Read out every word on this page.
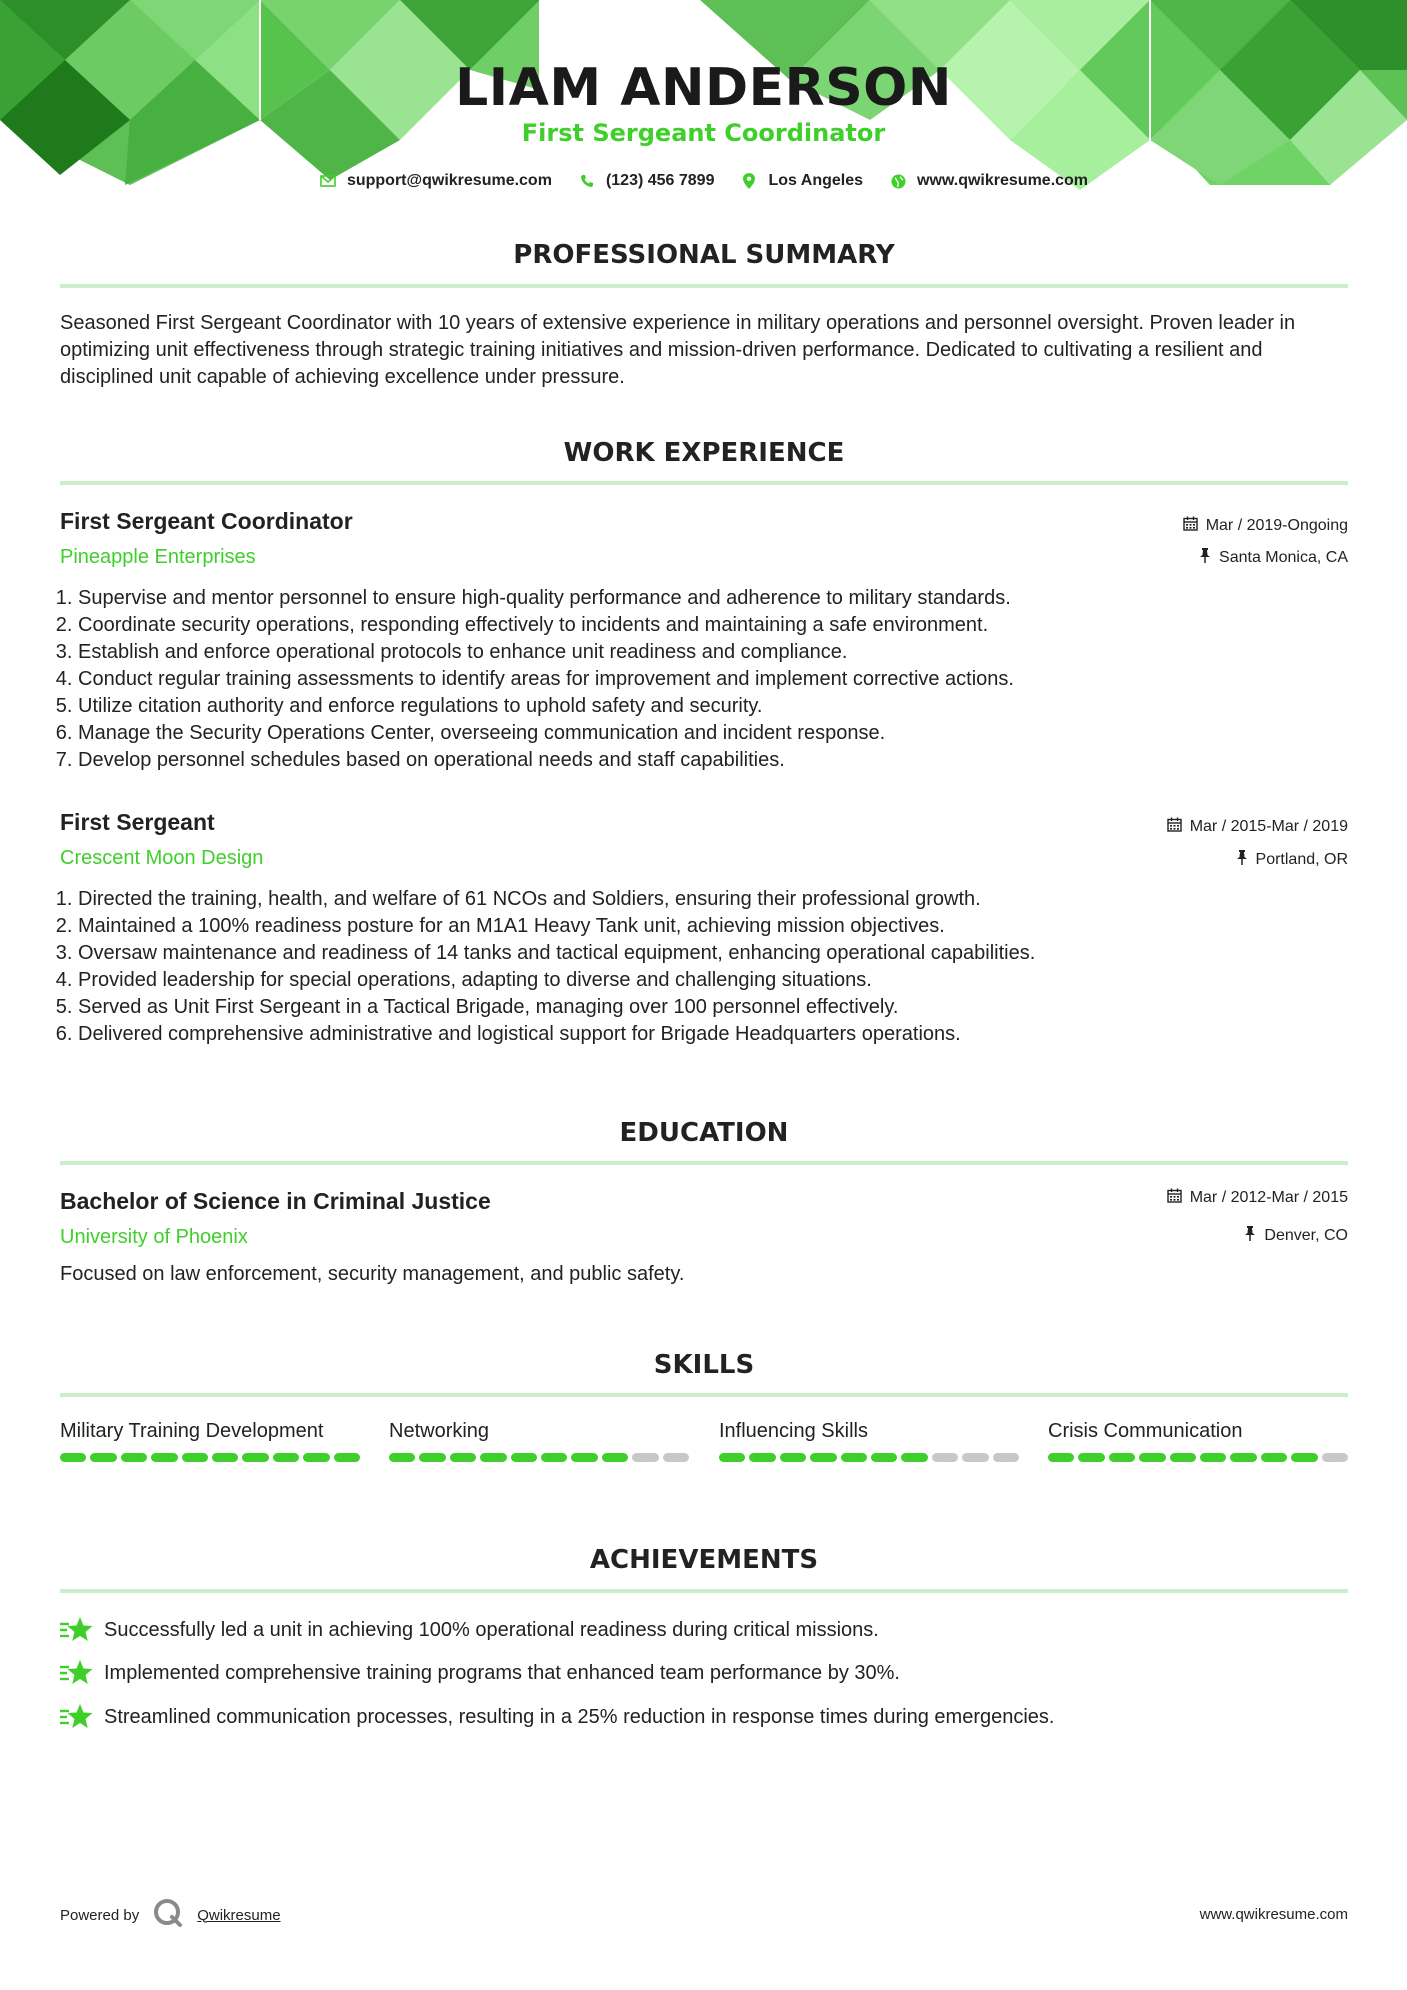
LIAM ANDERSON
First Sergeant Coordinator
support@qwikresume.com	(123) 456 7899	Los Angeles	www.qwikresume.com
PROFESSIONAL SUMMARY
Seasoned First Sergeant Coordinator with 10 years of extensive experience in military operations and personnel oversight. Proven leader in optimizing unit effectiveness through strategic training initiatives and mission-driven performance. Dedicated to cultivating a resilient and disciplined unit capable of achieving excellence under pressure.
WORK EXPERIENCE
First Sergeant Coordinator
Pineapple Enterprises
Mar / 2019-Ongoing
Santa Monica, CA
1. Supervise and mentor personnel to ensure high-quality performance and adherence to military standards.
2. Coordinate security operations, responding effectively to incidents and maintaining a safe environment.
3. Establish and enforce operational protocols to enhance unit readiness and compliance.
4. Conduct regular training assessments to identify areas for improvement and implement corrective actions.
5. Utilize citation authority and enforce regulations to uphold safety and security.
6. Manage the Security Operations Center, overseeing communication and incident response.
7. Develop personnel schedules based on operational needs and staff capabilities.
First Sergeant
Crescent Moon Design
Mar / 2015-Mar / 2019
Portland, OR
1. Directed the training, health, and welfare of 61 NCOs and Soldiers, ensuring their professional growth.
2. Maintained a 100% readiness posture for an M1A1 Heavy Tank unit, achieving mission objectives.
3. Oversaw maintenance and readiness of 14 tanks and tactical equipment, enhancing operational capabilities.
4. Provided leadership for special operations, adapting to diverse and challenging situations.
5. Served as Unit First Sergeant in a Tactical Brigade, managing over 100 personnel effectively.
6. Delivered comprehensive administrative and logistical support for Brigade Headquarters operations.
EDUCATION
Bachelor of Science in Criminal Justice
University of Phoenix
Mar / 2012-Mar / 2015
Denver, CO
Focused on law enforcement, security management, and public safety.
SKILLS
Military Training Development	Networking	Influencing Skills	Crisis Communication
ACHIEVEMENTS
Successfully led a unit in achieving 100% operational readiness during critical missions.
Implemented comprehensive training programs that enhanced team performance by 30%.
Streamlined communication processes, resulting in a 25% reduction in response times during emergencies.
Powered by	Qwikresume	www.qwikresume.com
